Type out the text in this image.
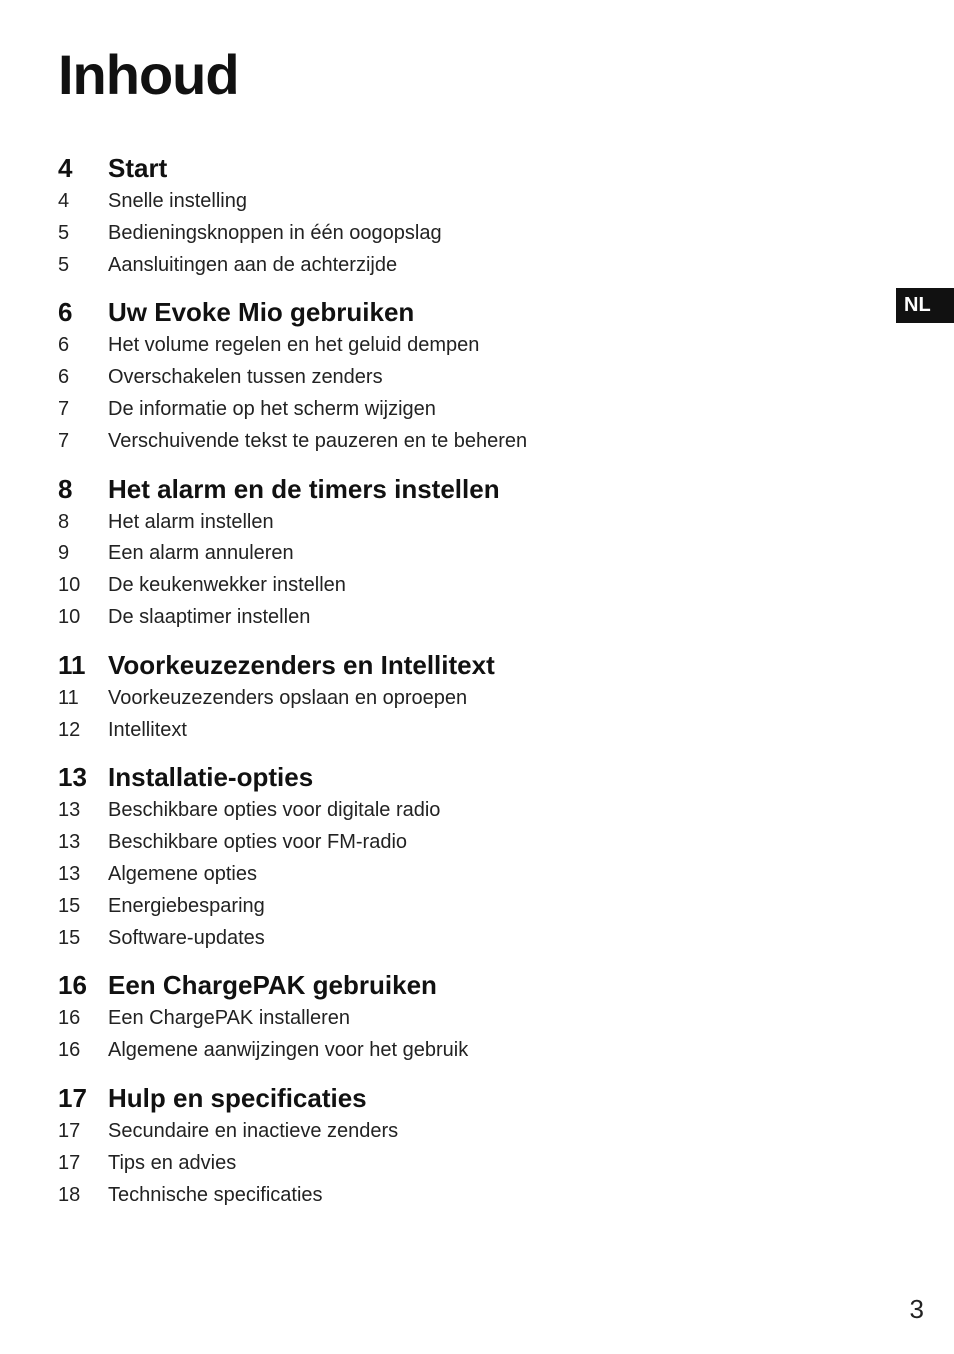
Inhoud
NL
4	Start
4	Snelle instelling
5	Bedieningsknoppen in één oogopslag
5	Aansluitingen aan de achterzijde
6	Uw Evoke Mio gebruiken
6	Het volume regelen en het geluid dempen
6	Overschakelen tussen zenders
7	De informatie op het scherm wijzigen
7	Verschuivende tekst te pauzeren en te beheren
8	Het alarm en de timers instellen
8	Het alarm instellen
9	Een alarm annuleren
10	De keukenwekker instellen
10	De slaaptimer instellen
11 Voorkeuzezenders en Intellitext
11	Voorkeuzezenders opslaan en oproepen
12	Intellitext
13 Installatie-opties
13	Beschikbare opties voor digitale radio
13	Beschikbare opties voor FM-radio
13	Algemene opties
15	Energiebesparing
15	Software-updates
16 Een ChargePAK gebruiken
16	Een ChargePAK installeren
16	Algemene aanwijzingen voor het gebruik
17 Hulp en specificaties
17	Secundaire en inactieve zenders
17	Tips en advies
18	Technische specificaties
3
